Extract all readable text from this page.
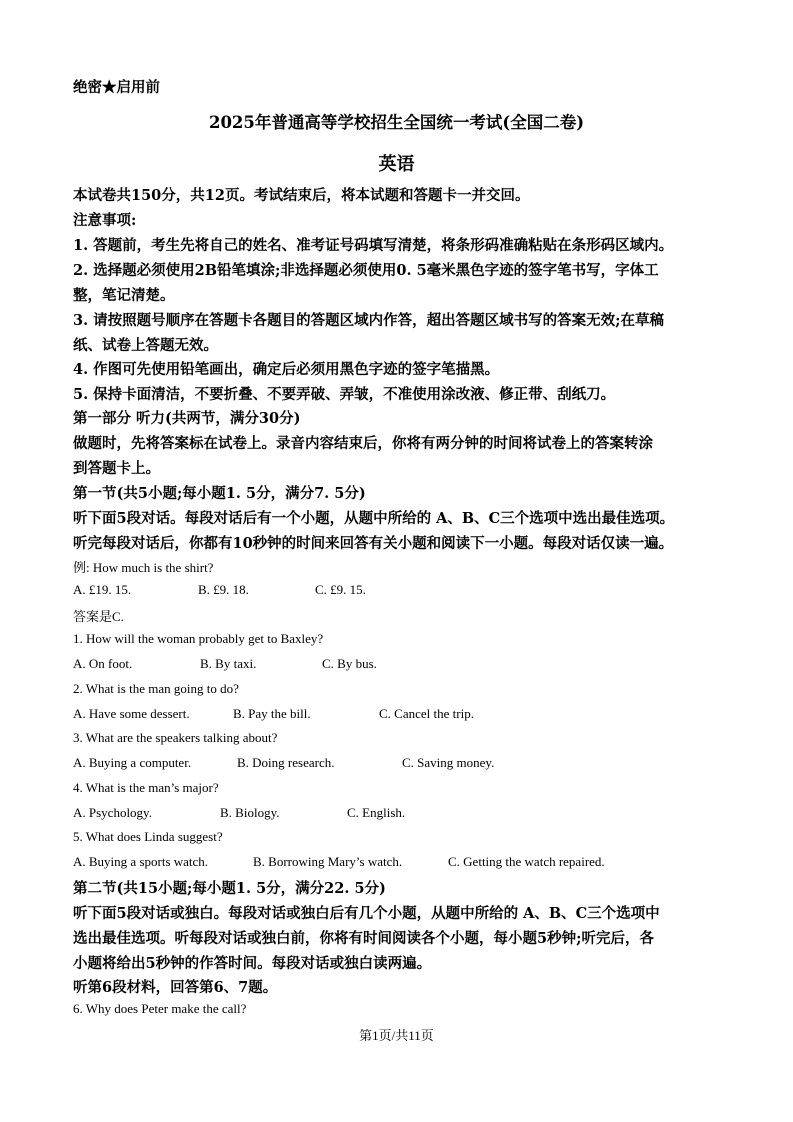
绝密★启用前
2025年普通高等学校招生全国统一考试(全国二卷)
英语
本试卷共150分，共12页。考试结束后，将本试题和答题卡一并交回。
注意事项:
1. 答题前，考生先将自己的姓名、准考证号码填写清楚，将条形码准确粘贴在条形码区域内。
2. 选择题必须使用2B铅笔填涂;非选择题必须使用0. 5毫米黑色字迹的签字笔书写，字体工
整，笔记清楚。
3. 请按照题号顺序在答题卡各题目的答题区域内作答，超出答题区域书写的答案无效;在草稿
纸、试卷上答题无效。
4. 作图可先使用铅笔画出，确定后必须用黑色字迹的签字笔描黑。
5. 保持卡面清洁，不要折叠、不要弄破、弄皱，不准使用涂改液、修正带、刮纸刀。
第一部分 听力(共两节，满分30分)
做题时，先将答案标在试卷上。录音内容结束后，你将有两分钟的时间将试卷上的答案转涂
到答题卡上。
第一节(共5小题;每小题1. 5分，满分7. 5分)
听下面5段对话。每段对话后有一个小题，从题中所给的 A、B、C三个选项中选出最佳选项。
听完每段对话后，你都有10秒钟的时间来回答有关小题和阅读下一小题。每段对话仅读一遍。
例: How much is the shirt?
A. £19. 15.	B. £9. 18.	C. £9. 15.
答案是C.
1. How will the woman probably get to Baxley?
A. On foot.	B. By taxi.	C. By bus.
2. What is the man going to do?
A. Have some dessert.	B. Pay the bill.	C. Cancel the trip.
3. What are the speakers talking about?
A. Buying a computer.	B. Doing research.	C. Saving money.
4. What is the man’s major?
A. Psychology.	B. Biology.	C. English.
5. What does Linda suggest?
A. Buying a sports watch.	B. Borrowing Mary’s watch.	C. Getting the watch repaired.
第二节(共15小题;每小题1. 5分，满分22. 5分)
听下面5段对话或独白。每段对话或独白后有几个小题，从题中所给的 A、B、C三个选项中
选出最佳选项。听每段对话或独白前，你将有时间阅读各个小题，每小题5秒钟;听完后，各
小题将给出5秒钟的作答时间。每段对话或独白读两遍。
听第6段材料，回答第6、7题。
6. Why does Peter make the call?
第1页/共11页
